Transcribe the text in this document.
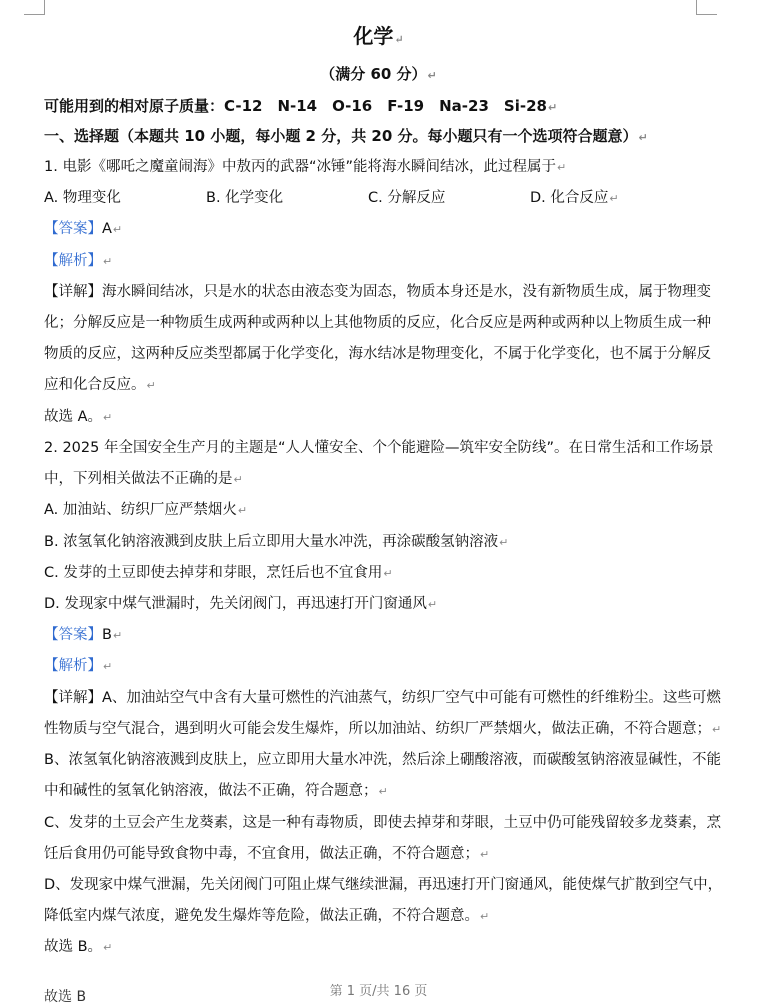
化学↵
（满分 60 分）↵
可能用到的相对原子质量：C-12　N-14　O-16　F-19　Na-23　Si-28↵
一、选择题（本题共 10 小题，每小题 2 分，共 20 分。每小题只有一个选项符合题意）↵
1. 电影《哪吒之魔童闹海》中敖丙的武器“冰锤”能将海水瞬间结冰，此过程属于↵
A. 物理变化	B. 化学变化	C. 分解反应	D. 化合反应↵
【答案】A↵
【解析】↵
【详解】海水瞬间结冰，只是水的状态由液态变为固态，物质本身还是水，没有新物质生成，属于物理变
化；分解反应是一种物质生成两种或两种以上其他物质的反应，化合反应是两种或两种以上物质生成一种
物质的反应，这两种反应类型都属于化学变化，海水结冰是物理变化，不属于化学变化，也不属于分解反
应和化合反应。↵
故选 A。↵
2. 2025 年全国安全生产月的主题是“人人懂安全、个个能避险—筑牢安全防线”。在日常生活和工作场景
中，下列相关做法不正确的是↵
A. 加油站、纺织厂应严禁烟火↵
B. 浓氢氧化钠溶液溅到皮肤上后立即用大量水冲洗，再涂碳酸氢钠溶液↵
C. 发芽的土豆即使去掉芽和芽眼，烹饪后也不宜食用↵
D. 发现家中煤气泄漏时，先关闭阀门，再迅速打开门窗通风↵
【答案】B↵
【解析】↵
【详解】A、加油站空气中含有大量可燃性的汽油蒸气，纺织厂空气中可能有可燃性的纤维粉尘。这些可燃
性物质与空气混合，遇到明火可能会发生爆炸，所以加油站、纺织厂严禁烟火，做法正确，不符合题意；↵
B、浓氢氧化钠溶液溅到皮肤上，应立即用大量水冲洗，然后涂上硼酸溶液，而碳酸氢钠溶液显碱性，不能
中和碱性的氢氧化钠溶液，做法不正确，符合题意；↵
C、发芽的土豆会产生龙葵素，这是一种有毒物质，即使去掉芽和芽眼，土豆中仍可能残留较多龙葵素，烹
饪后食用仍可能导致食物中毒，不宜食用，做法正确，不符合题意；↵
D、发现家中煤气泄漏，先关闭阀门可阻止煤气继续泄漏，再迅速打开门窗通风，能使煤气扩散到空气中，
降低室内煤气浓度，避免发生爆炸等危险，做法正确，不符合题意。↵
故选 B。↵
第 1 页/共 16 页
故选 B
